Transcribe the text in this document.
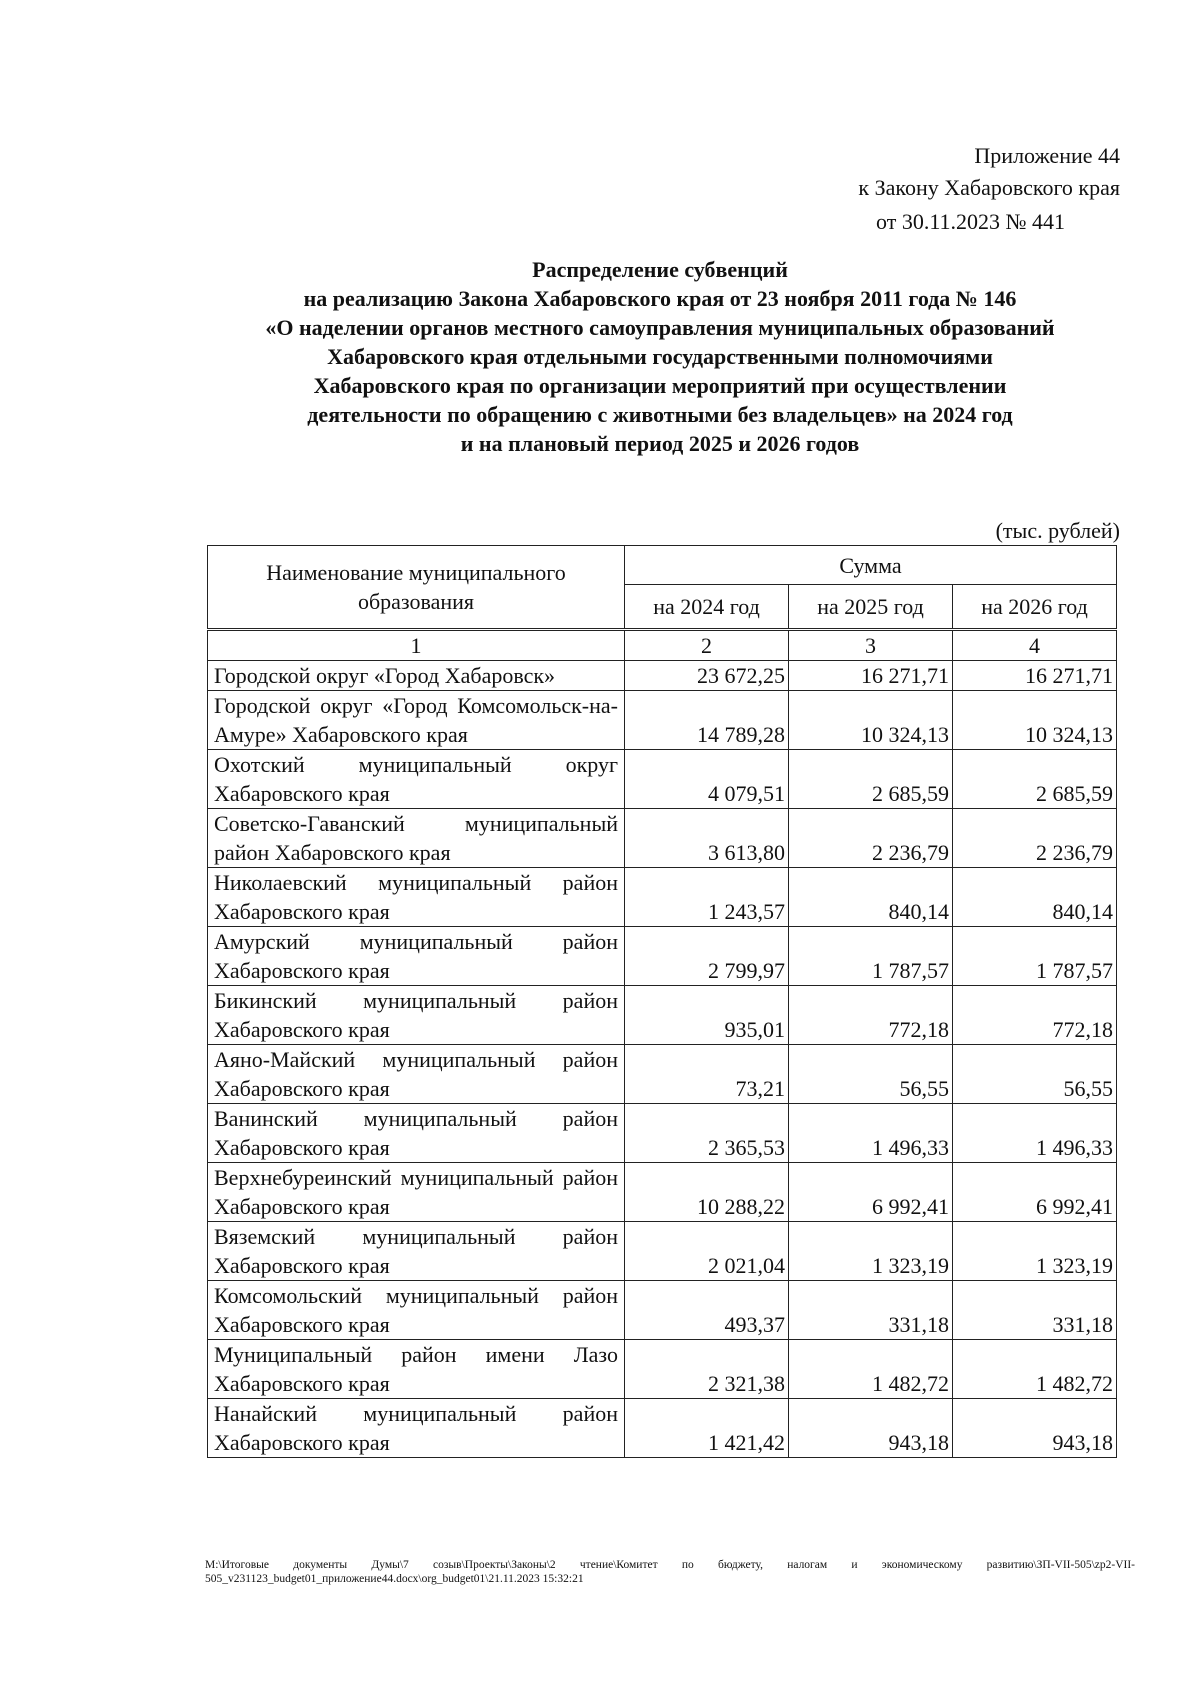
Приложение 44
к Закону Хабаровского края
от 30.11.2023 № 441
Распределение субвенций
на реализацию Закона Хабаровского края от 23 ноября 2011 года № 146
«О наделении органов местного самоуправления муниципальных образований
Хабаровского края отдельными государственными полномочиями
Хабаровского края по организации мероприятий при осуществлении
деятельности по обращению с животными без владельцев» на 2024 год
и на плановый период 2025 и 2026 годов
(тыс. рублей)
Наименование муниципального образования	Сумма		
	на 2024 год	на 2025 год	на 2026 год
1	2	3	4
Городской округ «Город Хабаровск»	23 672,25	16 271,71	16 271,71
Городской округ «Город Комсомольск-на-Амуре» Хабаровского края	14 789,28	10 324,13	10 324,13
Охотский муниципальный округ Хабаровского края	4 079,51	2 685,59	2 685,59
Советско-Гаванский муниципальный район Хабаровского края	3 613,80	2 236,79	2 236,79
Николаевский муниципальный район Хабаровского края	1 243,57	840,14	840,14
Амурский муниципальный район Хабаровского края	2 799,97	1 787,57	1 787,57
Бикинский муниципальный район Хабаровского края	935,01	772,18	772,18
Аяно-Майский муниципальный район Хабаровского края	73,21	56,55	56,55
Ванинский муниципальный район Хабаровского края	2 365,53	1 496,33	1 496,33
Верхнебуреинский муниципальный район Хабаровского края	10 288,22	6 992,41	6 992,41
Вяземский муниципальный район Хабаровского края	2 021,04	1 323,19	1 323,19
Комсомольский муниципальный район Хабаровского края	493,37	331,18	331,18
Муниципальный район имени Лазо Хабаровского края	2 321,38	1 482,72	1 482,72
Нанайский муниципальный район Хабаровского края	1 421,42	943,18	943,18
M:\Итоговые документы Думы\7 созыв\Проекты\Законы\2 чтение\Комитет по бюджету, налогам и экономическому развитию\ЗП-VII-505\zp2-VII-505_v231123_budget01_приложение44.docx\org_budget01\21.11.2023 15:32:21
